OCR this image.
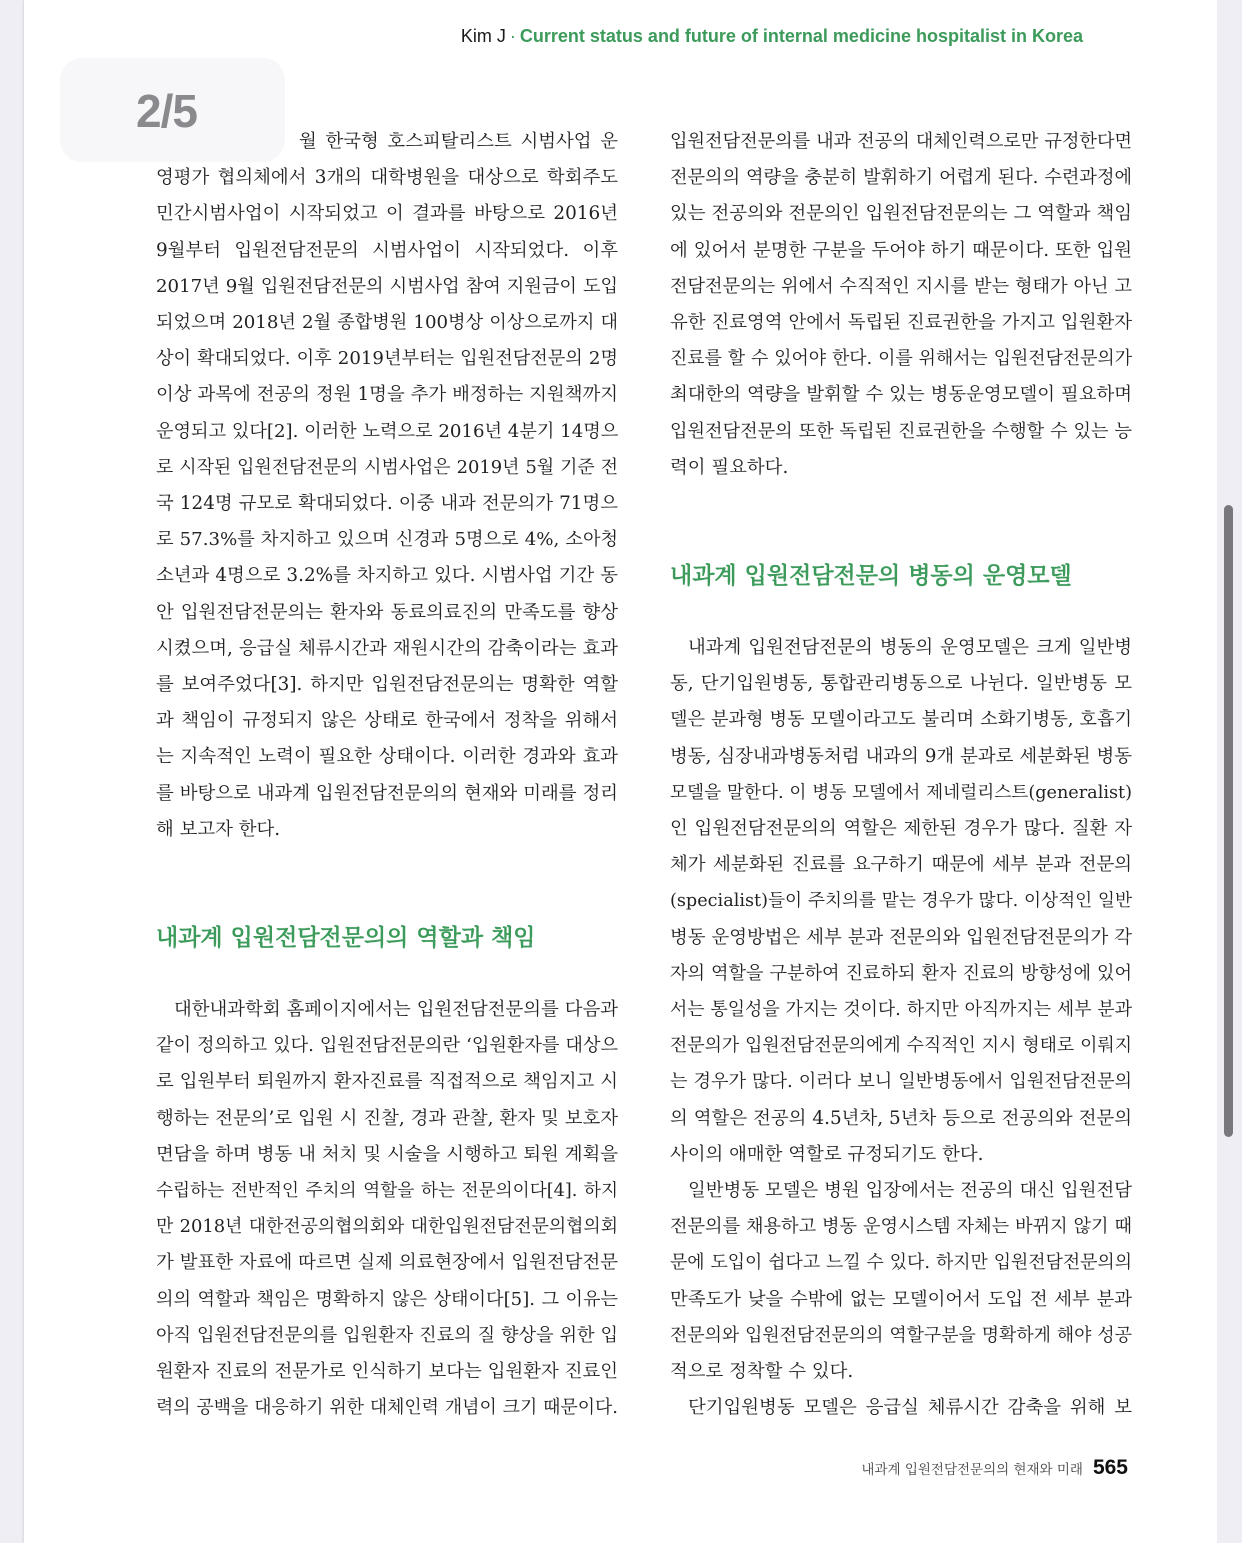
Kim J · Current status and future of internal medicine hospitalist in Korea
월 한국형 호스피탈리스트 시범사업 운
영평가 협의체에서 3개의 대학병원을 대상으로 학회주도
민간시범사업이 시작되었고 이 결과를 바탕으로 2016년
9월부터 입원전담전문의 시범사업이 시작되었다. 이후
2017년 9월 입원전담전문의 시범사업 참여 지원금이 도입
되었으며 2018년 2월 종합병원 100병상 이상으로까지 대
상이 확대되었다. 이후 2019년부터는 입원전담전문의 2명
이상 과목에 전공의 정원 1명을 추가 배정하는 지원책까지
운영되고 있다[2]. 이러한 노력으로 2016년 4분기 14명으
로 시작된 입원전담전문의 시범사업은 2019년 5월 기준 전
국 124명 규모로 확대되었다. 이중 내과 전문의가 71명으
로 57.3%를 차지하고 있으며 신경과 5명으로 4%, 소아청
소년과 4명으로 3.2%를 차지하고 있다. 시범사업 기간 동
안 입원전담전문의는 환자와 동료의료진의 만족도를 향상
시켰으며, 응급실 체류시간과 재원시간의 감축이라는 효과
를 보여주었다[3]. 하지만 입원전담전문의는 명확한 역할
과 책임이 규정되지 않은 상태로 한국에서 정착을 위해서
는 지속적인 노력이 필요한 상태이다. 이러한 경과와 효과
를 바탕으로 내과계 입원전담전문의의 현재와 미래를 정리
해 보고자 한다.
내과계 입원전담전문의의 역할과 책임
대한내과학회 홈페이지에서는 입원전담전문의를 다음과
같이 정의하고 있다. 입원전담전문의란 ‘입원환자를 대상으
로 입원부터 퇴원까지 환자진료를 직접적으로 책임지고 시
행하는 전문의’로 입원 시 진찰, 경과 관찰, 환자 및 보호자
면담을 하며 병동 내 처치 및 시술을 시행하고 퇴원 계획을
수립하는 전반적인 주치의 역할을 하는 전문의이다[4]. 하지
만 2018년 대한전공의협의회와 대한입원전담전문의협의회
가 발표한 자료에 따르면 실제 의료현장에서 입원전담전문
의의 역할과 책임은 명확하지 않은 상태이다[5]. 그 이유는
아직 입원전담전문의를 입원환자 진료의 질 향상을 위한 입
원환자 진료의 전문가로 인식하기 보다는 입원환자 진료인
력의 공백을 대응하기 위한 대체인력 개념이 크기 때문이다.
입원전담전문의를 내과 전공의 대체인력으로만 규정한다면
전문의의 역량을 충분히 발휘하기 어렵게 된다. 수련과정에
있는 전공의와 전문의인 입원전담전문의는 그 역할과 책임
에 있어서 분명한 구분을 두어야 하기 때문이다. 또한 입원
전담전문의는 위에서 수직적인 지시를 받는 형태가 아닌 고
유한 진료영역 안에서 독립된 진료권한을 가지고 입원환자
진료를 할 수 있어야 한다. 이를 위해서는 입원전담전문의가
최대한의 역량을 발휘할 수 있는 병동운영모델이 필요하며
입원전담전문의 또한 독립된 진료권한을 수행할 수 있는 능
력이 필요하다.
내과계 입원전담전문의 병동의 운영모델
내과계 입원전담전문의 병동의 운영모델은 크게 일반병
동, 단기입원병동, 통합관리병동으로 나뉜다. 일반병동 모
델은 분과형 병동 모델이라고도 불리며 소화기병동, 호흡기
병동, 심장내과병동처럼 내과의 9개 분과로 세분화된 병동
모델을 말한다. 이 병동 모델에서 제네럴리스트(generalist)
인 입원전담전문의의 역할은 제한된 경우가 많다. 질환 자
체가 세분화된 진료를 요구하기 때문에 세부 분과 전문의
(specialist)들이 주치의를 맡는 경우가 많다. 이상적인 일반
병동 운영방법은 세부 분과 전문의와 입원전담전문의가 각
자의 역할을 구분하여 진료하되 환자 진료의 방향성에 있어
서는 통일성을 가지는 것이다. 하지만 아직까지는 세부 분과
전문의가 입원전담전문의에게 수직적인 지시 형태로 이뤄지
는 경우가 많다. 이러다 보니 일반병동에서 입원전담전문의
의 역할은 전공의 4.5년차, 5년차 등으로 전공의와 전문의
사이의 애매한 역할로 규정되기도 한다.
일반병동 모델은 병원 입장에서는 전공의 대신 입원전담
전문의를 채용하고 병동 운영시스템 자체는 바뀌지 않기 때
문에 도입이 쉽다고 느낄 수 있다. 하지만 입원전담전문의의
만족도가 낮을 수밖에 없는 모델이어서 도입 전 세부 분과
전문의와 입원전담전문의의 역할구분을 명확하게 해야 성공
적으로 정착할 수 있다.
단기입원병동 모델은 응급실 체류시간 감축을 위해 보
내과계 입원전담전문의의 현재와 미래 565
2/5
